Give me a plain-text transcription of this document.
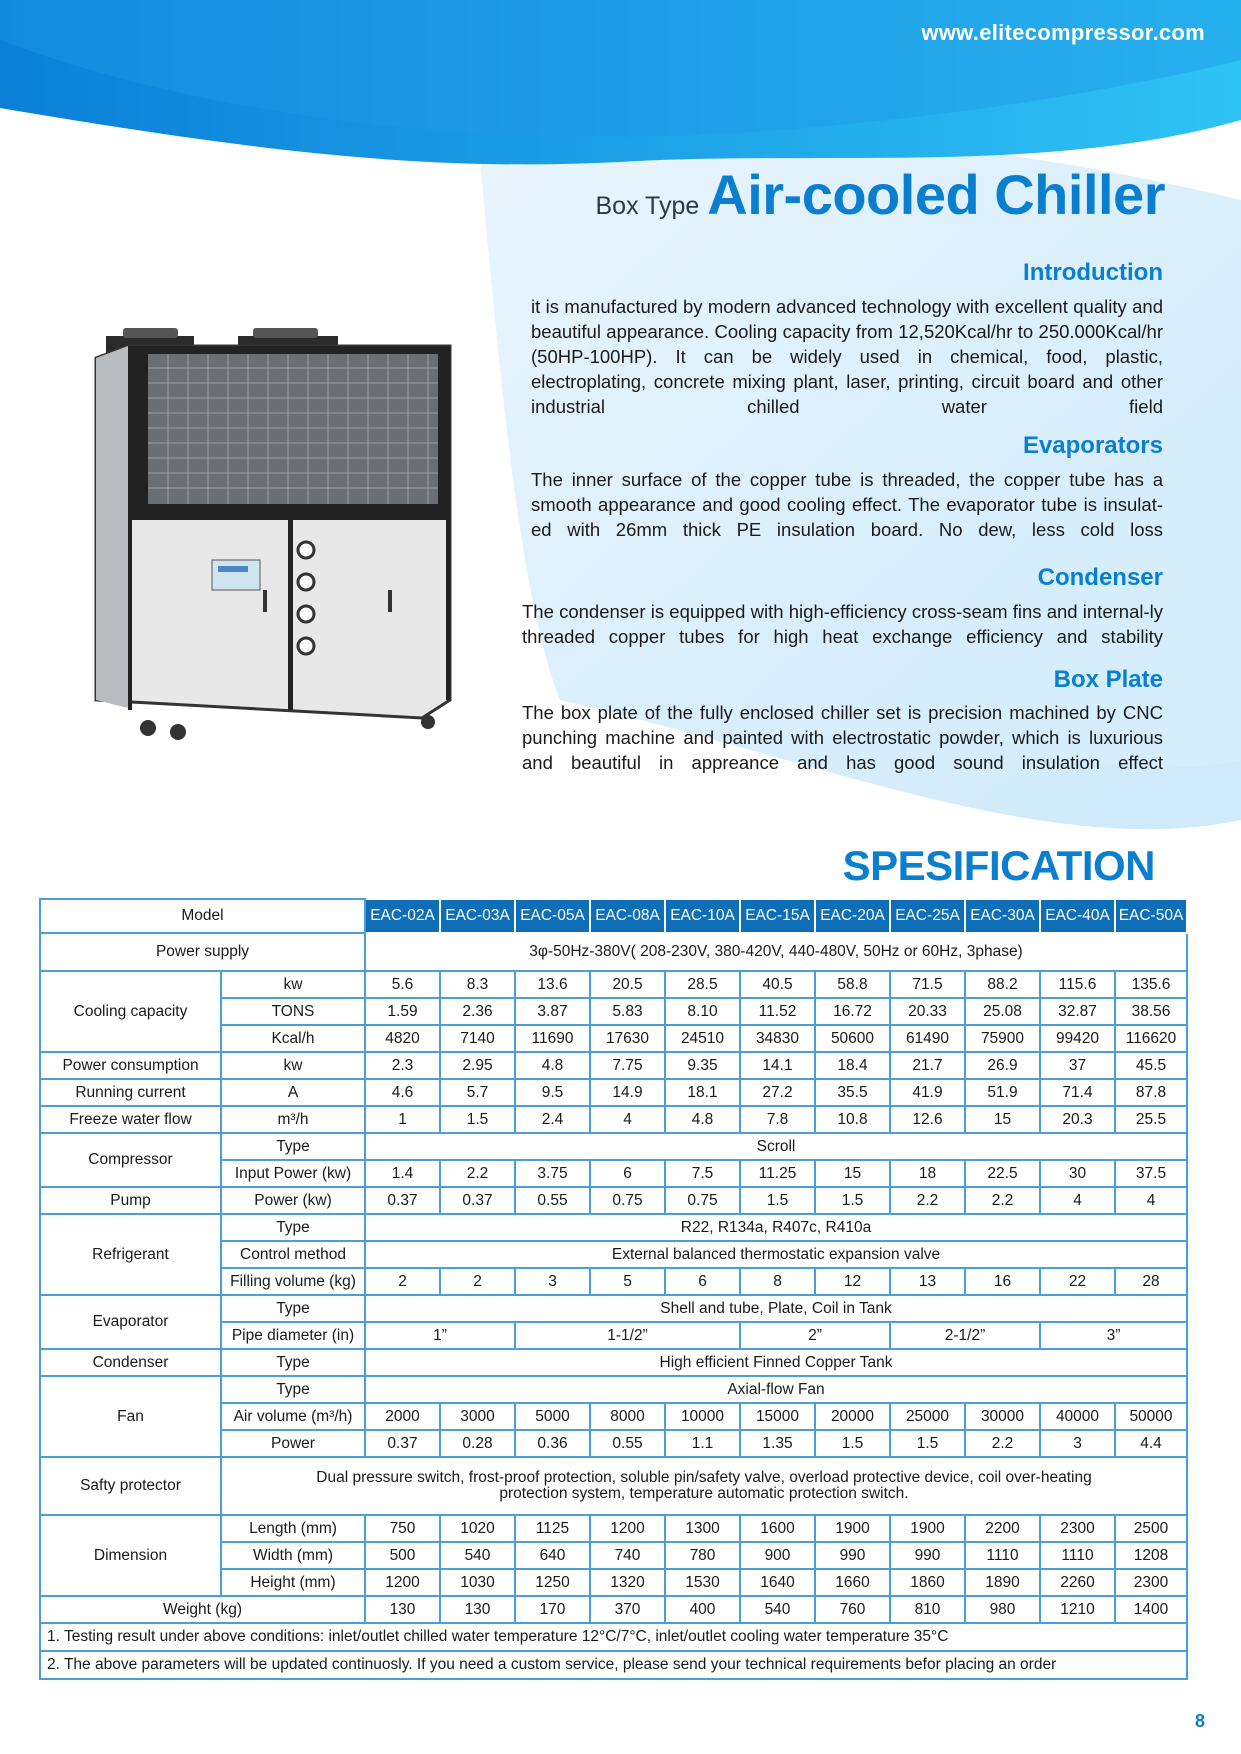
www.elitecompressor.com
Box Type Air-cooled Chiller
Introduction
it is manufactured by modern advanced technology with excellent quality and beautiful appearance. Cooling capacity from 12,520Kcal/hr to 250.000Kcal/hr (50HP-100HP). It can be widely used in chemical, food, plastic, electroplating, concrete mixing plant, laser, printing, circuit board and other industrial chilled water field
Evaporators
The inner surface of the copper tube is threaded, the copper tube has a smooth appearance and good cooling effect. The evaporator tube is insulat-ed with 26mm thick PE insulation board. No dew, less cold loss
Condenser
The condenser is equipped with high-efficiency cross-seam fins and internal-ly threaded copper tubes for high heat exchange efficiency and stability
Box Plate
The box plate of the fully enclosed chiller set is precision machined by CNC punching machine and painted with electrostatic powder, which is luxurious and beautiful in appreance and has good sound insulation effect
SPESIFICATION
Model		EAC-02A	EAC-03A	EAC-05A	EAC-08A	EAC-10A	EAC-15A	EAC-20A	EAC-25A	EAC-30A	EAC-40A	EAC-50A
Power supply		3φ-50Hz-380V( 208-230V, 380-420V, 440-480V, 50Hz or 60Hz, 3phase)										
Cooling capacity	kw	5.6	8.3	13.6	20.5	28.5	40.5	58.8	71.5	88.2	115.6	135.6
	TONS	1.59	2.36	3.87	5.83	8.10	11.52	16.72	20.33	25.08	32.87	38.56
	Kcal/h	4820	7140	11690	17630	24510	34830	50600	61490	75900	99420	116620
Power consumption	kw	2.3	2.95	4.8	7.75	9.35	14.1	18.4	21.7	26.9	37	45.5
Running current	A	4.6	5.7	9.5	14.9	18.1	27.2	35.5	41.9	51.9	71.4	87.8
Freeze water flow	m³/h	1	1.5	2.4	4	4.8	7.8	10.8	12.6	15	20.3	25.5
Compressor	Type	Scroll										
	Input Power (kw)	1.4	2.2	3.75	6	7.5	11.25	15	18	22.5	30	37.5
Pump	Power (kw)	0.37	0.37	0.55	0.75	0.75	1.5	1.5	2.2	2.2	4	4
Refrigerant	Type	R22, R134a, R407c, R410a										
	Control method	External balanced thermostatic expansion valve										
	Filling volume (kg)	2	2	3	5	6	8	12	13	16	22	28
Evaporator	Type	Shell and tube, Plate, Coil in Tank										
	Pipe diameter (in)	1”		1-1/2”			2”		2-1/2”		3”	
Condenser	Type	High efficient Finned Copper Tank										
Fan	Type	Axial-flow Fan										
	Air volume (m³/h)	2000	3000	5000	8000	10000	15000	20000	25000	30000	40000	50000
	Power	0.37	0.28	0.36	0.55	1.1	1.35	1.5	1.5	2.2	3	4.4
Safty protector	Dual pressure switch, frost-proof protection, soluble pin/safety valve, overload protective device, coil over-heating
protection system, temperature automatic protection switch.											

Dimension	Length (mm)	750	1020	1125	1200	1300	1600	1900	1900	2200	2300	2500
	Width (mm)	500	540	640	740	780	900	990	990	1110	1110	1208
	Height (mm)	1200	1030	1250	1320	1530	1640	1660	1860	1890	2260	2300
Weight (kg)		130	130	170	370	400	540	760	810	980	1210	1400
1. Testing result under above conditions: inlet/outlet chilled water temperature 12°C/7°C, inlet/outlet cooling water temperature 35°C												
2. The above parameters will be updated continuosly. If you need a custom service, please send your technical requirements befor placing an order												
8
